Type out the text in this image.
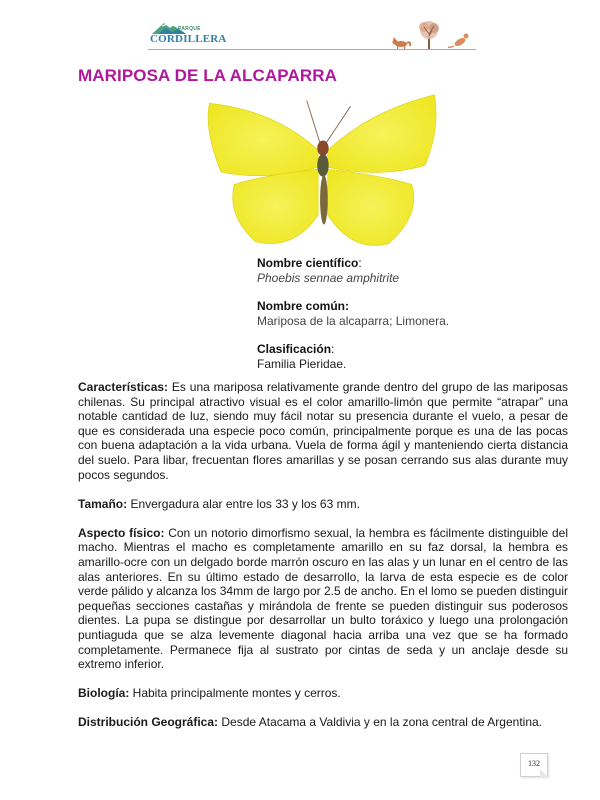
PARQUE
CORDILLERA
MARIPOSA DE LA ALCAPARRA
Nombre científico:
Phoebis sennae amphitrite
Nombre común:
Mariposa de la alcaparra; Limonera.
Clasificación:
Familia Pieridae.

Características: Es una mariposa relativamente grande dentro del grupo de las mariposas chilenas. Su principal atractivo visual es el color amarillo-limón que permite “atrapar” una notable cantidad de luz, siendo muy fácil notar su presencia durante el vuelo, a pesar de que es considerada una especie poco común, principalmente porque es una de las pocas con buena adaptación a la vida urbana. Vuela de forma ágil y manteniendo cierta distancia del suelo. Para libar, frecuentan flores amarillas y se posan cerrando sus alas durante muy pocos segundos.

Tamaño: Envergadura alar entre los 33 y los 63 mm.

Aspecto físico: Con un notorio dimorfismo sexual, la hembra es fácilmente distinguible del macho. Mientras el macho es completamente amarillo en su faz dorsal, la hembra es amarillo-ocre con un delgado borde marrón oscuro en las alas y un lunar en el centro de las alas anteriores. En su último estado de desarrollo, la larva de esta especie es de color verde pálido y alcanza los 34mm de largo por 2.5 de ancho. En el lomo se pueden distinguir pequeñas secciones castañas y mirándola de frente se pueden distinguir sus poderosos dientes. La pupa se distingue por desarrollar un bulto toráxico y luego una prolongación puntiaguda que se alza levemente diagonal hacia arriba una vez que se ha formado completamente. Permanece fija al sustrato por cintas de seda y un anclaje desde su extremo inferior.

Biología: Habita principalmente montes y cerros.

Distribución Geográfica: Desde Atacama a Valdivia y en la zona central de Argentina.

132
